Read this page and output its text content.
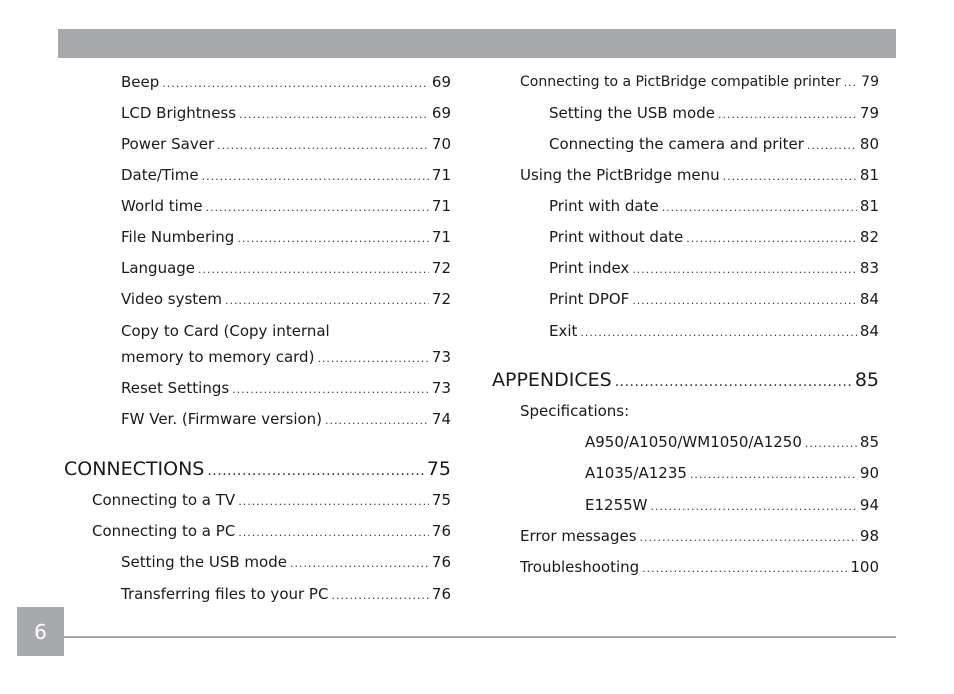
Beep .....	69
LCD Brightness .....	69
Power Saver .....	70
Date/Time .....	71
World time .....	71
File Numbering .....	71
Language .....	72
Video system .....	72
Copy to Card (Copy internal
memory to memory card) .....	73
Reset Settings .....	73
FW Ver. (Firmware version) .....	74
CONNECTIONS .....	75
Connecting to a TV .....	75
Connecting to a PC .....	76
Setting the USB mode .....	76
Transferring files to your PC .....	76
Connecting to a PictBridge compatible printer ..... 79
Setting the USB mode .....	79
Connecting the camera and priter .....	80
Using the PictBridge menu .....	81
Print with date .....	81
Print without date .....	82
Print index .....	83
Print DPOF .....	84
Exit .....	84
APPENDICES .....	85
Specifications:
A950/A1050/WM1050/A1250 .....	85
A1035/A1235 .....	90
E1255W .....	94
Error messages .....	98
Troubleshooting .....	100
6
